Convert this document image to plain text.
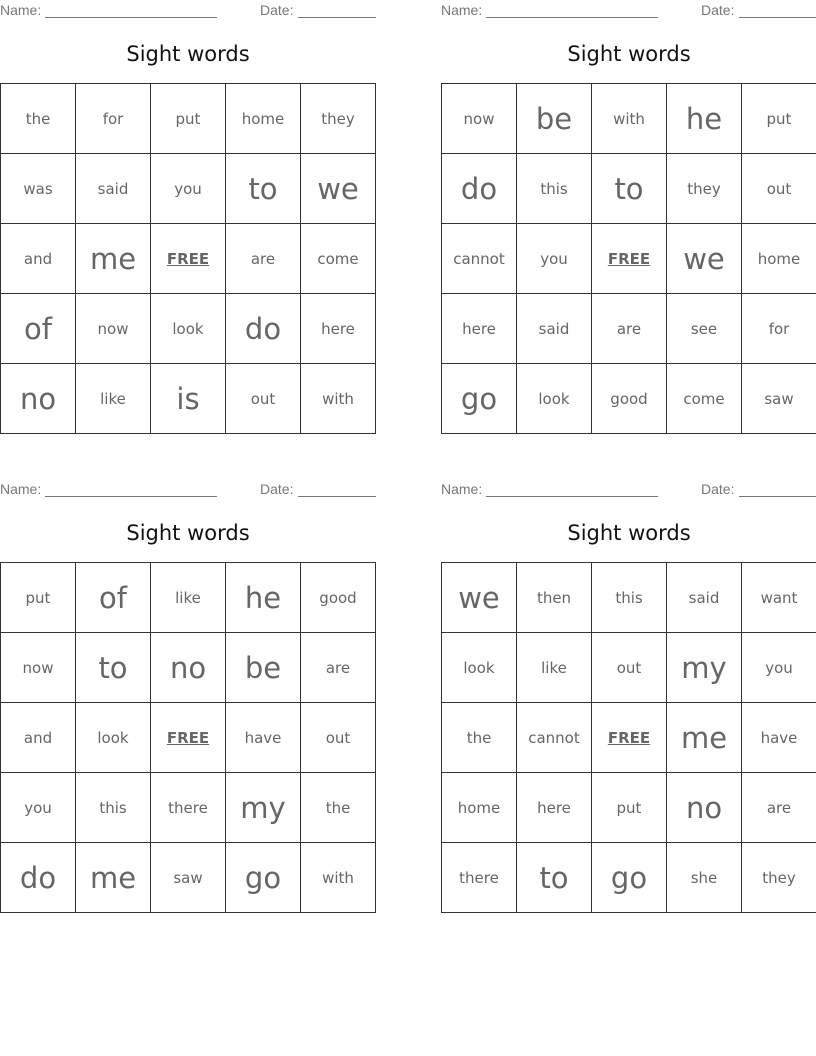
Name:	Date:
Sight words
the	for	put	home	they
was	said	you	to	we
and	me	FREE	are	come
of	now	look	do	here
no	like	is	out	with
Name:	Date:
Sight words
now	be	with	he	put
do	this	to	they	out
cannot	you	FREE	we	home
here	said	are	see	for
go	look	good	come	saw
Name:	Date:
Sight words
put	of	like	he	good
now	to	no	be	are
and	look	FREE	have	out
you	this	there	my	the
do	me	saw	go	with
Name:	Date:
Sight words
we	then	this	said	want
look	like	out	my	you
the	cannot	FREE	me	have
home	here	put	no	are
there	to	go	she	they
